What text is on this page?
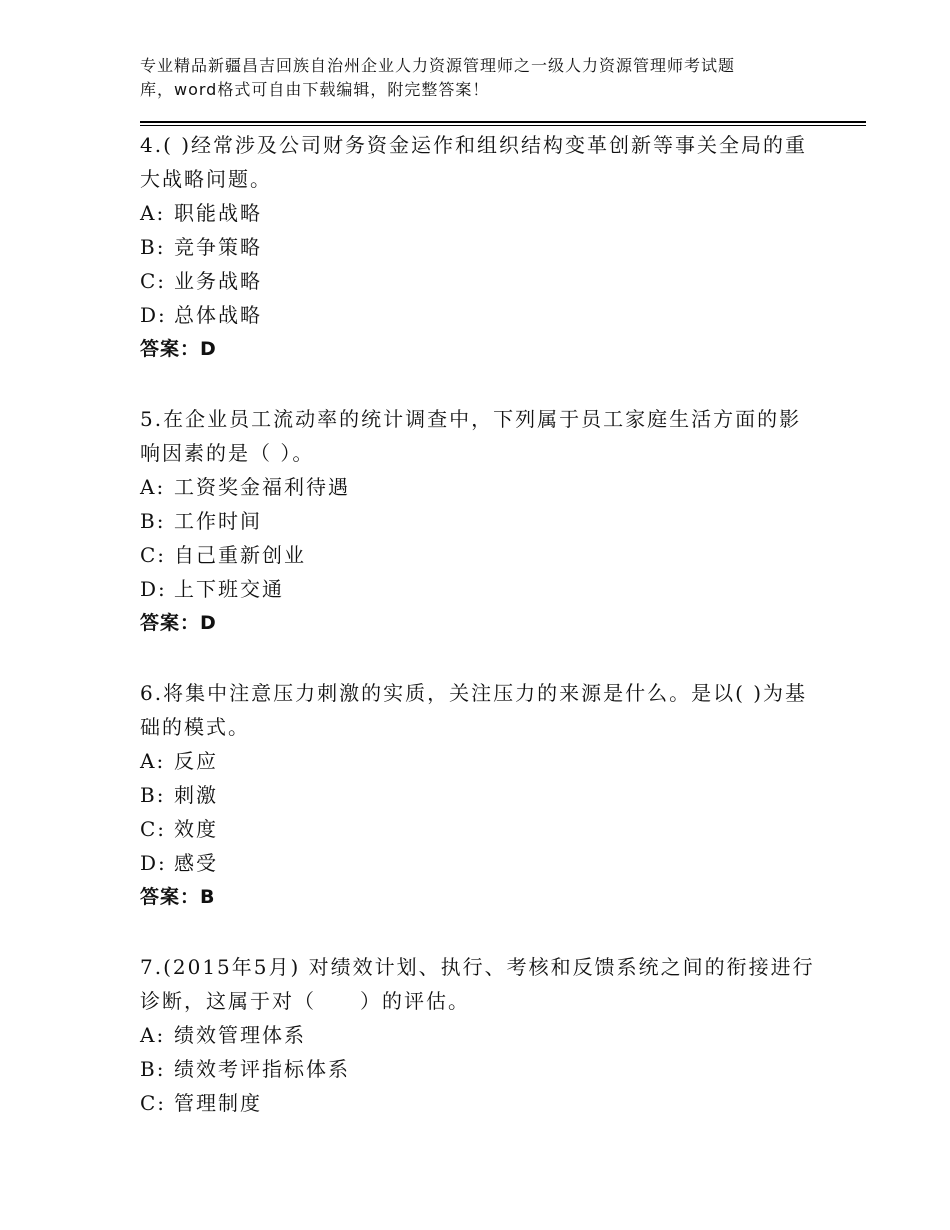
专业精品新疆昌吉回族自治州企业人力资源管理师之一级人力资源管理师考试题
库，word格式可自由下载编辑，附完整答案！
4.( )经常涉及公司财务资金运作和组织结构变革创新等事关全局的重大战略问题。
A: 职能战略
B: 竞争策略
C: 业务战略
D: 总体战略
答案：D
5.在企业员工流动率的统计调查中，下列属于员工家庭生活方面的影响因素的是（ ）。
A: 工资奖金福利待遇
B: 工作时间
C: 自己重新创业
D: 上下班交通
答案：D
6.将集中注意压力刺激的实质，关注压力的来源是什么。是以( )为基础的模式。
A: 反应
B: 刺激
C: 效度
D: 感受
答案：B
7.(2015年5月) 对绩效计划、执行、考核和反馈系统之间的衔接进行诊断，这属于对（　　）的评估。
A: 绩效管理体系
B: 绩效考评指标体系
C: 管理制度
